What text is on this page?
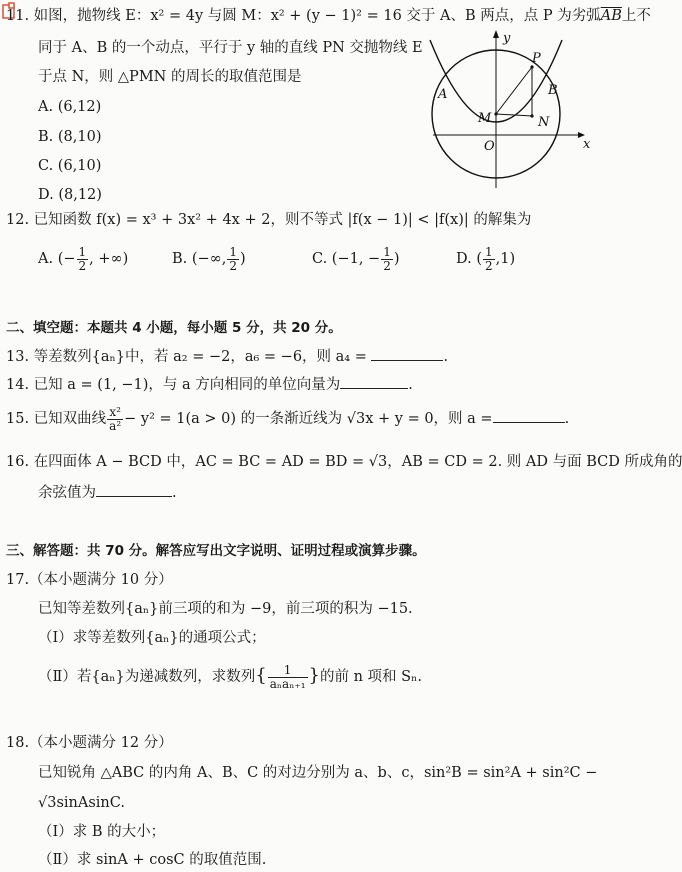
11. 如图，抛物线 E：x² = 4y 与圆 M：x² + (y − 1)² = 16 交于 A、B 两点，点 P 为劣弧$\overline{AB}$上不
同于 A、B 的一个动点，平行于 y 轴的直线 PN 交抛物线 E
于点 N，则 △PMN 的周长的取值范围是
A. (6,12)
B. (8,10)
C. (6,10)
D. (8,12)
y
x
P
A	B
M	N
O
12. 已知函数 f(x) = x³ + 3x² + 4x + 2，则不等式 |f(x − 1)| < |f(x)| 的解集为
A. (− $\frac{1}{2}$ , +∞)	B. (−∞, $\frac{1}{2}$ )	C. (−1, − $\frac{1}{2}$ )	D. ( $\frac{1}{2} ,1$)
二、填空题：本题共 4 小题，每小题 5 分，共 20 分。
13. 等差数列{aₙ}中，若 a₂ = −2，a₆ = −6，则 a₄ =	.
14. 已知 a = (1, −1)，与 a 方向相同的单位向量为	.
15. 已知双曲线 $\frac{\text{x²}}{\text{a²}} - y^2 = 1(a > 0)$ 的一条渐近线为 √3x + y = 0，则 a =	.
16. 在四面体 A − BCD 中，AC = BC = AD = BD = √3，AB = CD = 2. 则 AD 与面 BCD 所成角的
余弦值为	.
三、解答题：共 70 分。解答应写出文字说明、证明过程或演算步骤。
17.（本小题满分 10 分）
已知等差数列{aₙ}前三项的和为 −9，前三项的积为 −15.
（Ⅰ）求等差数列{aₙ}的通项公式；
（Ⅱ）若{aₙ}为递减数列，求数列{ $\frac{1}{\text{aₙaₙ₊₁}}$ }的前 n 项和 Sₙ.
18.（本小题满分 12 分）
已知锐角 △ABC 的内角 A、B、C 的对边分别为 a、b、c，sin²B = sin²A + sin²C −
√3sinAsinC.
（Ⅰ）求 B 的大小；
（Ⅱ）求 sinA + cosC 的取值范围.
